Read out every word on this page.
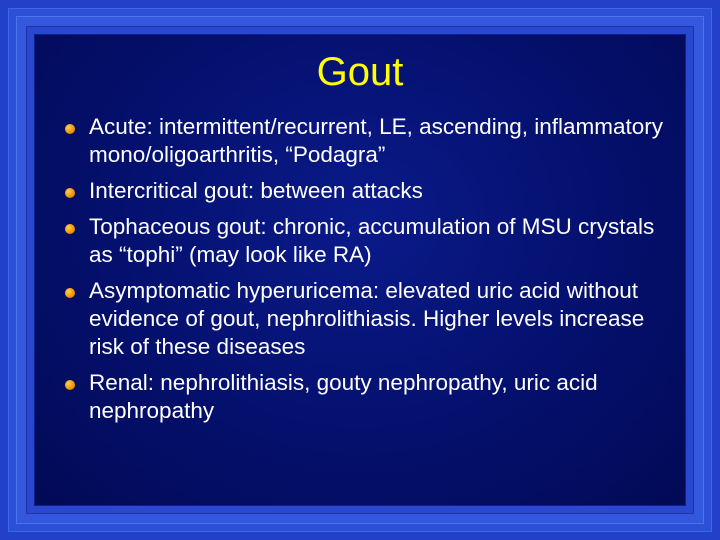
Gout
Acute: intermittent/recurrent, LE, ascending, inflammatory mono/oligoarthritis, “Podagra”
Intercritical gout: between attacks
Tophaceous gout: chronic, accumulation of MSU crystals as “tophi” (may look like RA)
Asymptomatic hyperuricema: elevated uric acid without evidence of gout, nephrolithiasis. Higher levels increase risk of these diseases
Renal: nephrolithiasis, gouty nephropathy, uric acid nephropathy
